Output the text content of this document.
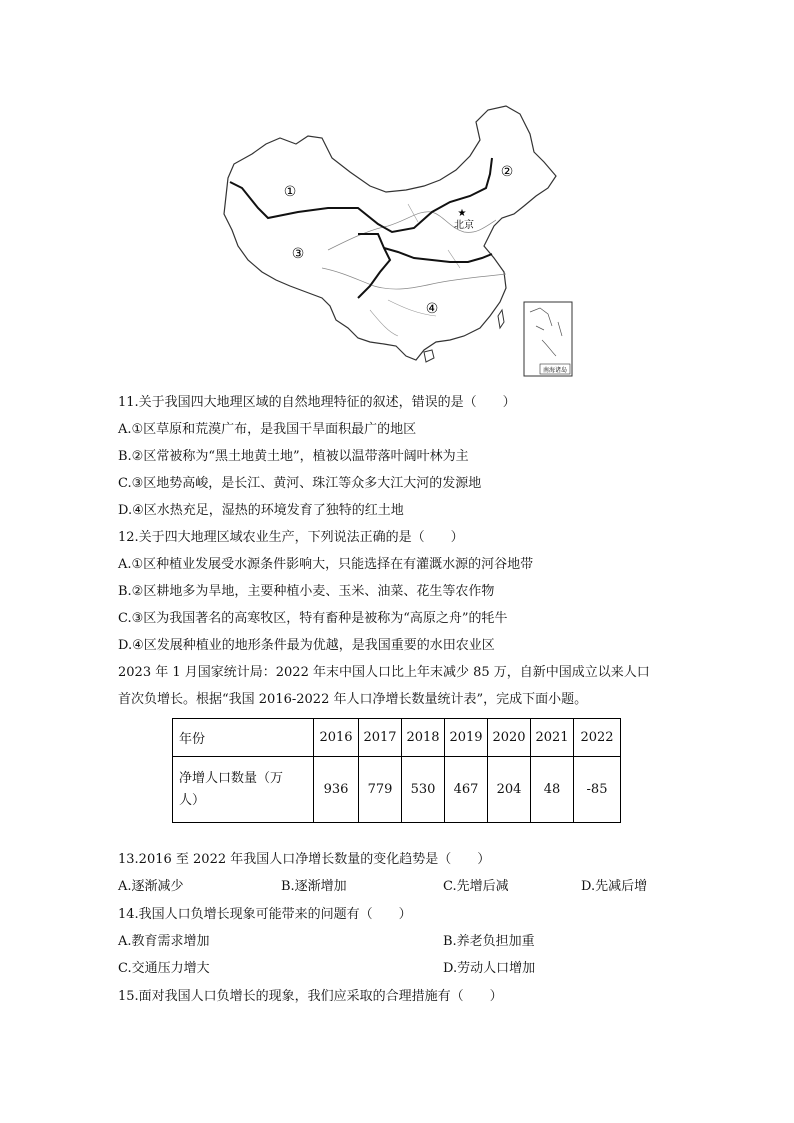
①
②
③
④
★
北京
南海诸岛
11.关于我国四大地理区域的自然地理特征的叙述，错误的是（　　）
A.①区草原和荒漠广布，是我国干旱面积最广的地区
B.②区常被称为“黑土地黄土地”，植被以温带落叶阔叶林为主
C.③区地势高峻，是长江、黄河、珠江等众多大江大河的发源地
D.④区水热充足，湿热的环境发育了独特的红土地
12.关于四大地理区域农业生产，下列说法正确的是（　　）
A.①区种植业发展受水源条件影响大，只能选择在有灌溉水源的河谷地带
B.②区耕地多为旱地，主要种植小麦、玉米、油菜、花生等农作物
C.③区为我国著名的高寒牧区，特有畜种是被称为“高原之舟”的牦牛
D.④区发展种植业的地形条件最为优越，是我国重要的水田农业区
2023 年 1 月国家统计局：2022 年末中国人口比上年末减少 85 万，自新中国成立以来人口
首次负增长。根据“我国 2016-2022 年人口净增长数量统计表”，完成下面小题。
年份	2016	2017	2018	2019	2020	2021	2022
净增人口数量（万
人）	936	779	530	467	204	48	-85
13.2016 至 2022 年我国人口净增长数量的变化趋势是（　　）
A.逐渐减少	B.逐渐增加	C.先增后减	D.先减后增
14.我国人口负增长现象可能带来的问题有（　　）
A.教育需求增加	B.养老负担加重
C.交通压力增大	D.劳动人口增加
15.面对我国人口负增长的现象，我们应采取的合理措施有（　　）
